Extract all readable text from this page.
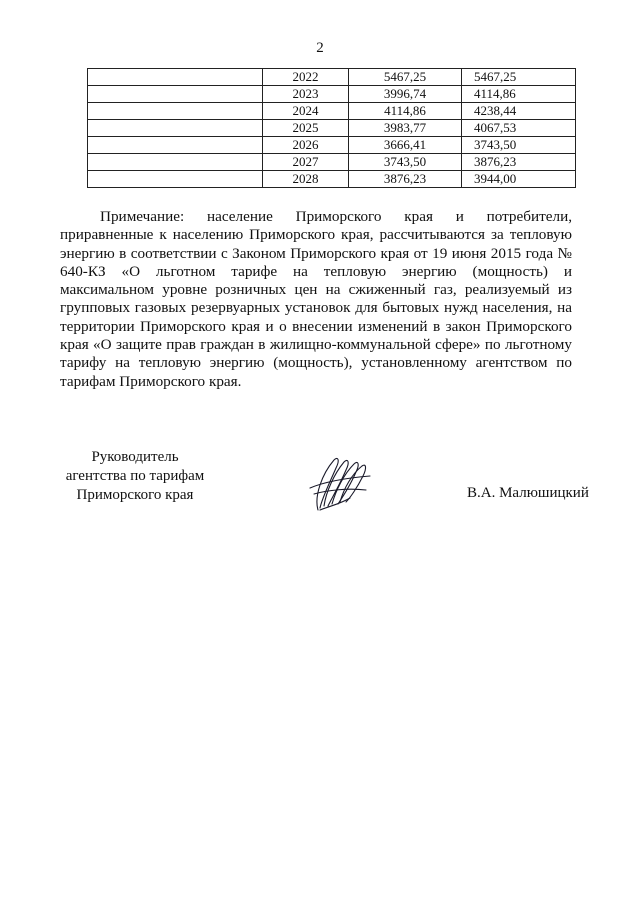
2
	2022	5467,25	5467,25
	2023	3996,74	4114,86
	2024	4114,86	4238,44
	2025	3983,77	4067,53
	2026	3666,41	3743,50
	2027	3743,50	3876,23
	2028	3876,23	3944,00

Примечание: население Приморского края и потребители, приравненные к населению Приморского края, рассчитываются за тепловую энергию в соответствии с Законом Приморского края от 19 июня 2015 года № 640-КЗ «О льготном тарифе на тепловую энергию (мощность) и максимальном уровне розничных цен на сжиженный газ, реализуемый из групповых газовых резервуарных установок для бытовых нужд населения, на территории Приморского края и о внесении изменений в закон Приморского края «О защите прав граждан в жилищно-коммунальной сфере» по льготному тарифу на тепловую энергию (мощность), установленному агентством по тарифам Приморского края.

Руководитель
агентства по тарифам
Приморского края	В.А. Малюшицкий
